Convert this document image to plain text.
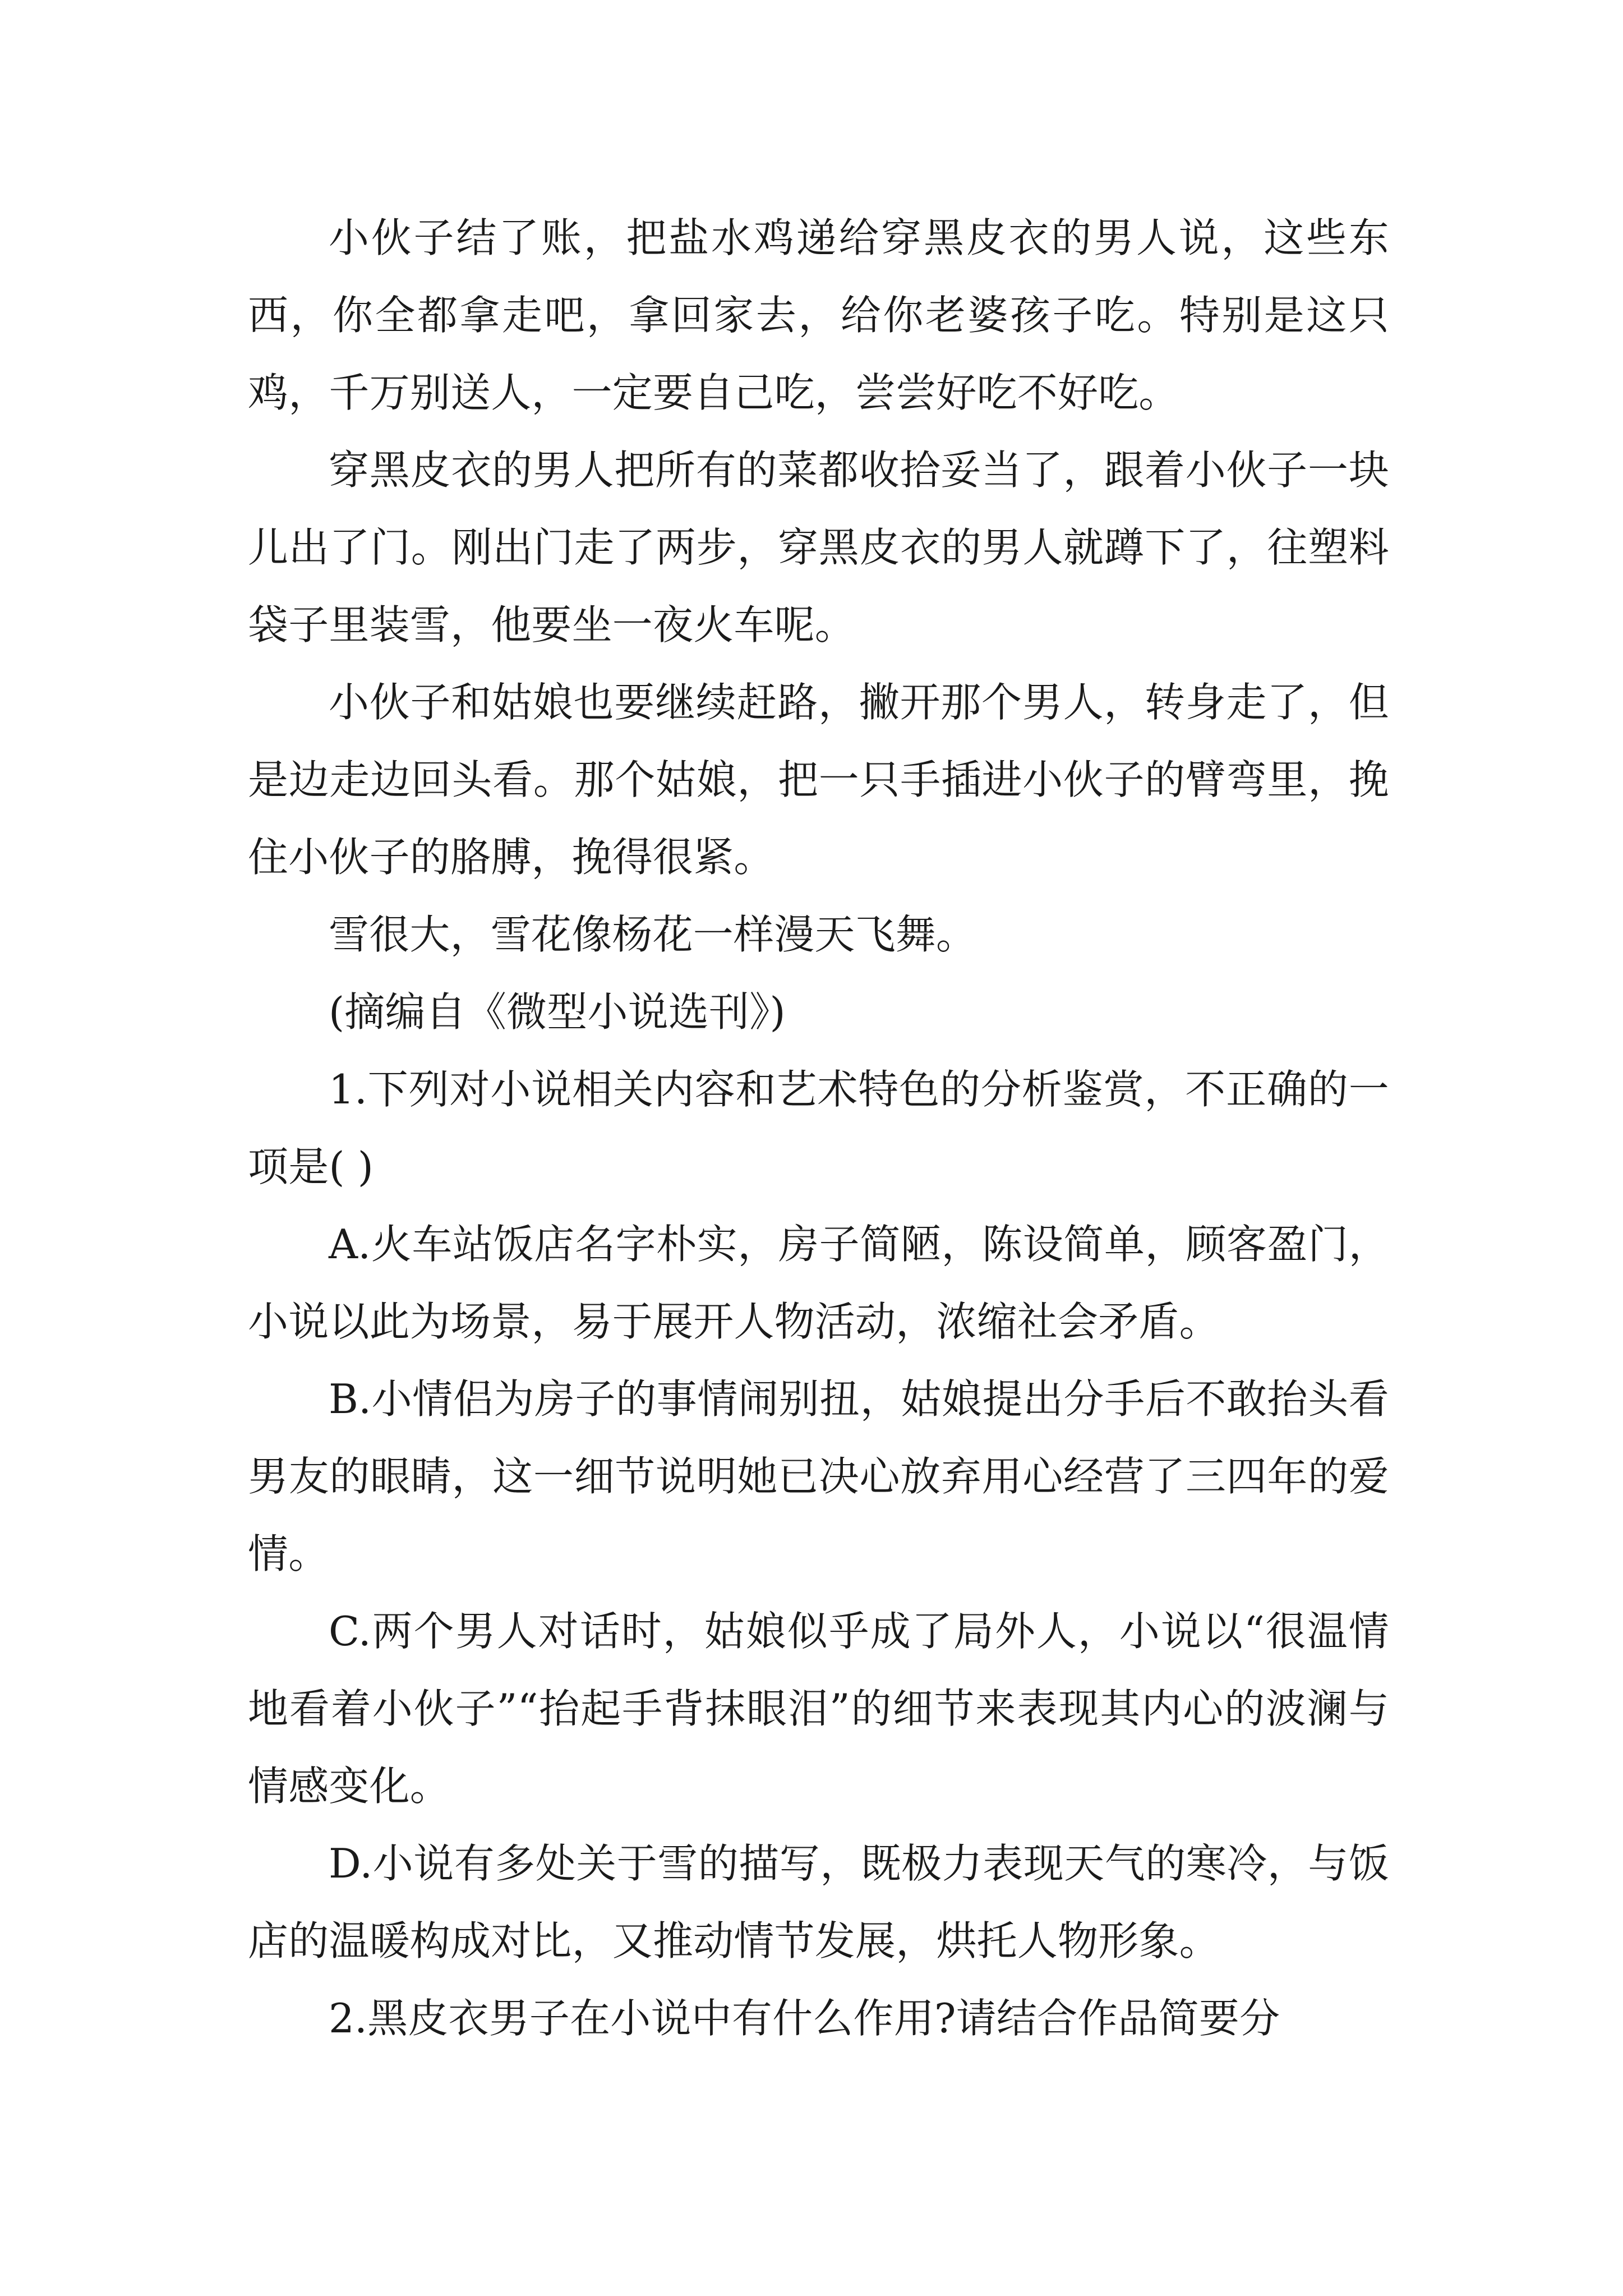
小伙子结了账，把盐水鸡递给穿黑皮衣的男人说，这些东西，你全都拿走吧，拿回家去，给你老婆孩子吃。特别是这只鸡，千万别送人，一定要自己吃，尝尝好吃不好吃。

穿黑皮衣的男人把所有的菜都收拾妥当了，跟着小伙子一块儿出了门。刚出门走了两步，穿黑皮衣的男人就蹲下了，往塑料袋子里装雪，他要坐一夜火车呢。

小伙子和姑娘也要继续赶路，撇开那个男人，转身走了，但是边走边回头看。那个姑娘，把一只手插进小伙子的臂弯里，挽住小伙子的胳膊，挽得很紧。

雪很大，雪花像杨花一样漫天飞舞。

(摘编自《微型小说选刊》)

1.下列对小说相关内容和艺术特色的分析鉴赏，不正确的一项是( )

A.火车站饭店名字朴实，房子简陋，陈设简单，顾客盈门，小说以此为场景，易于展开人物活动，浓缩社会矛盾。

B.小情侣为房子的事情闹别扭，姑娘提出分手后不敢抬头看男友的眼睛，这一细节说明她已决心放弃用心经营了三四年的爱情。

C.两个男人对话时，姑娘似乎成了局外人，小说以“很温情地看着小伙子”“抬起手背抹眼泪”的细节来表现其内心的波澜与情感变化。

D.小说有多处关于雪的描写，既极力表现天气的寒冷，与饭店的温暖构成对比，又推动情节发展，烘托人物形象。

2.黑皮衣男子在小说中有什么作用?请结合作品简要分
